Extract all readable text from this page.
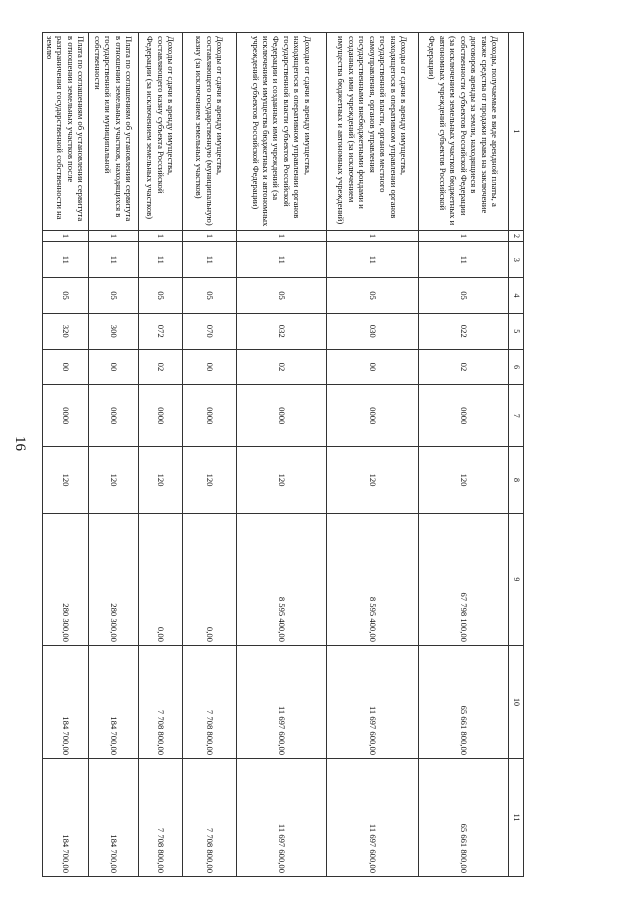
16
1	2	3	4	5	6	7	8	9	10	11
Доходы, получаемые в виде арендной платы, а также средства от продажи права на заключение договоров аренды за земли, находящиеся в собственности субъектов Российской Федерации (за исключением земельных участков бюджетных и автономных учреждений субъектов Российской Федерации)	1	11	05	022	02	0000	120	67 798 100,00	65 661 800,00	65 661 800,00
Доходы от сдачи в аренду имущества, находящегося в оперативном управлении органов государственной власти, органов местного самоуправления, органов управления государственными внебюджетными фондами и созданных ими учреждений (за исключением имущества бюджетных и автономных учреждений)	1	11	05	030	00	0000	120	8 595 400,00	11 697 600,00	11 697 600,00
Доходы от сдачи в аренду имущества, находящегося в оперативном управлении органов государственной власти субъектов Российской Федерации и созданных ими учреждений (за исключением имущества бюджетных и автономных учреждений субъектов Российской Федерации)	1	11	05	032	02	0000	120	8 595 400,00	11 697 600,00	11 697 600,00
Доходы от сдачи в аренду имущества, составляющего государственную (муниципальную) казну (за исключением земельных участков)	1	11	05	070	00	0000	120	0,00	7 708 800,00	7 708 800,00
Доходы от сдачи в аренду имущества, составляющего казну субъекта Российской Федерации (за исключением земельных участков)	1	11	05	072	02	0000	120	0,00	7 708 800,00	7 708 800,00
Плата по соглашениям об установлении сервитута в отношении земельных участков, находящихся в государственной или муниципальной собственности	1	11	05	300	00	0000	120	280 300,00	184 700,00	184 700,00
Плата по соглашениям об установлении сервитута в отношении земельных участков после разграничения государственной собственности на землю	1	11	05	320	00	0000	120	280 300,00	184 700,00	184 700,00
